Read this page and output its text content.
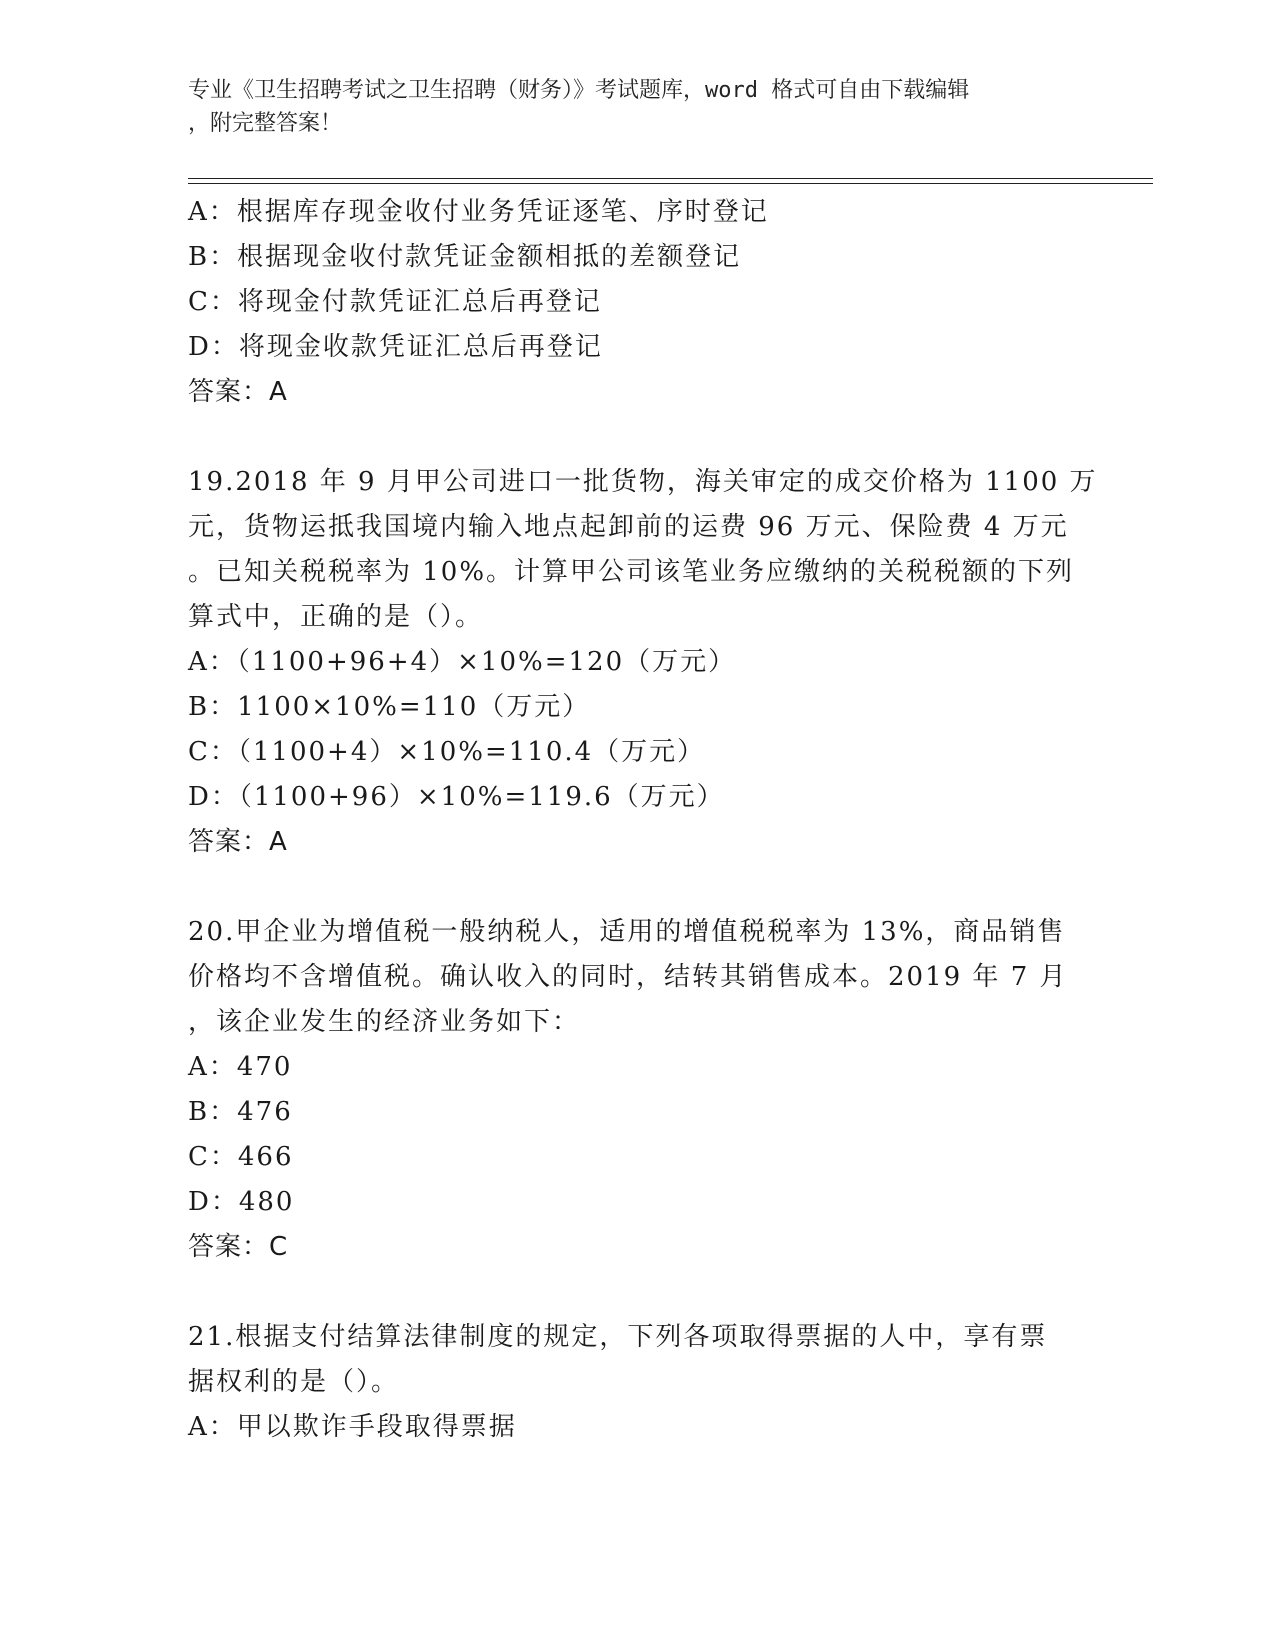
专业《卫生招聘考试之卫生招聘（财务）》考试题库，word 格式可自由下载编辑
，附完整答案！
A：根据库存现金收付业务凭证逐笔、序时登记
B：根据现金收付款凭证金额相抵的差额登记
C：将现金付款凭证汇总后再登记
D：将现金收款凭证汇总后再登记
答案：A
19.2018 年 9 月甲公司进口一批货物，海关审定的成交价格为 1100 万
元，货物运抵我国境内输入地点起卸前的运费 96 万元、保险费 4 万元
。已知关税税率为 10%。计算甲公司该笔业务应缴纳的关税税额的下列
算式中，正确的是（）。
A：（1100+96+4）×10%=120（万元）
B：1100×10%=110（万元）
C：（1100+4）×10%=110.4（万元）
D：（1100+96）×10%=119.6（万元）
答案：A
20.甲企业为增值税一般纳税人，适用的增值税税率为 13%，商品销售
价格均不含增值税。确认收入的同时，结转其销售成本。2019 年 7 月
，该企业发生的经济业务如下：
A：470
B：476
C：466
D：480
答案：C
21.根据支付结算法律制度的规定，下列各项取得票据的人中，享有票
据权利的是（）。
A：甲以欺诈手段取得票据
